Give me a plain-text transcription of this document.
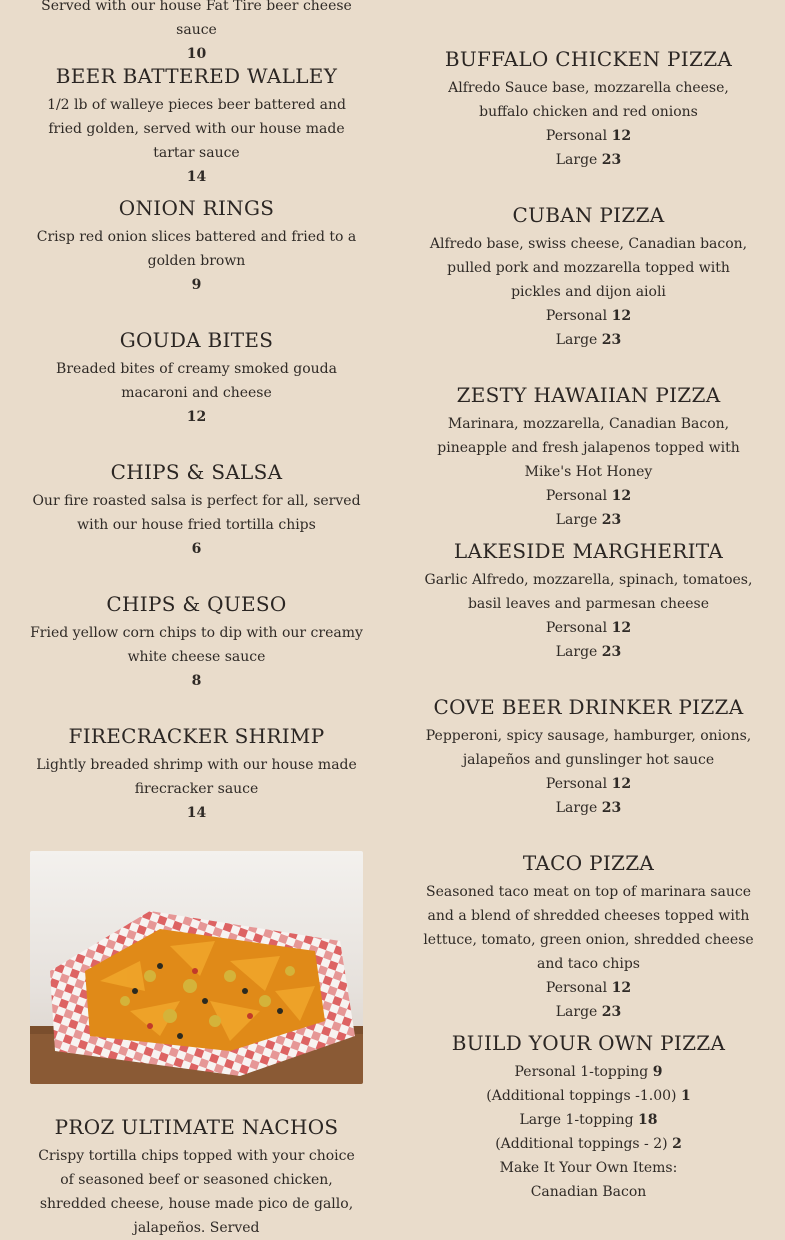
Served with our house Fat Tire beer cheese sauce
10
BEER BATTERED WALLEY
1/2 lb of walleye pieces beer battered and fried golden, served with our house made tartar sauce
14
ONION RINGS
Crisp red onion slices battered and fried to a golden brown
9
GOUDA BITES
Breaded bites of creamy smoked gouda macaroni and cheese
12
CHIPS & SALSA
Our fire roasted salsa is perfect for all, served with our house fried tortilla chips
6
CHIPS & QUESO
Fried yellow corn chips to dip with our creamy white cheese sauce
8
FIRECRACKER SHRIMP
Lightly breaded shrimp with our house made firecracker sauce
14
PROZ ULTIMATE NACHOS
Crispy tortilla chips topped with your choice of seasoned beef or seasoned chicken, shredded cheese, house made pico de gallo, jalapeños. Served
BUFFALO CHICKEN PIZZA
Alfredo Sauce base, mozzarella cheese, buffalo chicken and red onions
Personal 12
Large 23
CUBAN PIZZA
Alfredo base, swiss cheese, Canadian bacon, pulled pork and mozzarella topped with pickles and dijon aioli
Personal 12
Large 23
ZESTY HAWAIIAN PIZZA
Marinara, mozzarella, Canadian Bacon, pineapple and fresh jalapenos topped with Mike's Hot Honey
Personal 12
Large 23
LAKESIDE MARGHERITA
Garlic Alfredo, mozzarella, spinach, tomatoes, basil leaves and parmesan cheese
Personal 12
Large 23
COVE BEER DRINKER PIZZA
Pepperoni, spicy sausage, hamburger, onions, jalapeños and gunslinger hot sauce
Personal 12
Large 23
TACO PIZZA
Seasoned taco meat on top of marinara sauce and a blend of shredded cheeses topped with lettuce, tomato, green onion, shredded cheese and taco chips
Personal 12
Large 23
BUILD YOUR OWN PIZZA
Personal 1-topping 9
(Additional toppings -1.00) 1
Large 1-topping 18
(Additional toppings - 2) 2
Make It Your Own Items:
Canadian Bacon
